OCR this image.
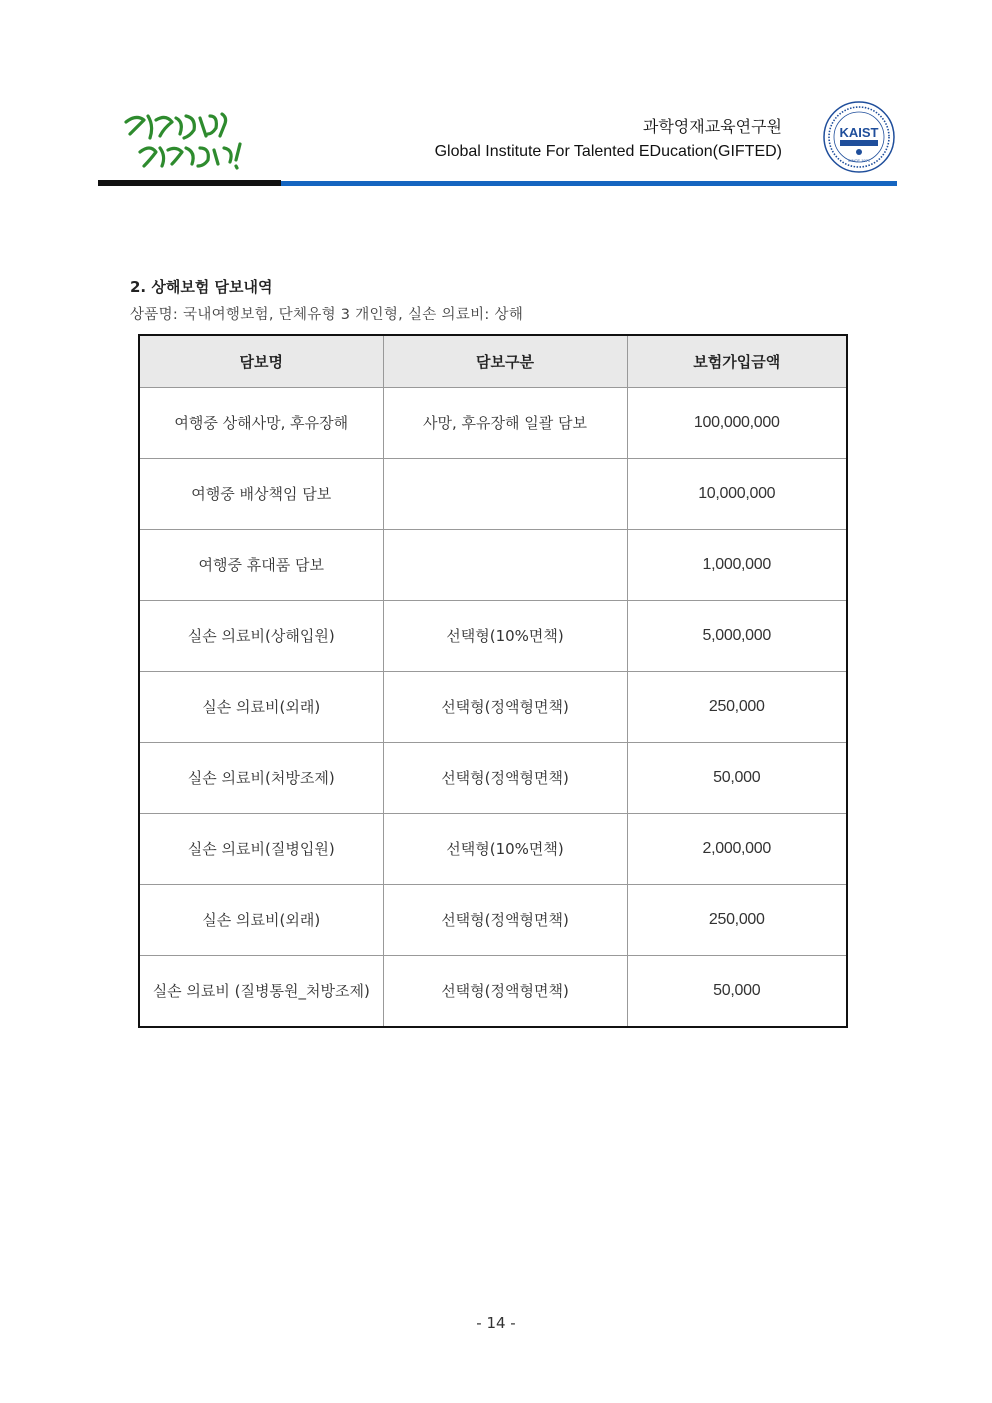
과학영재교육연구원
Global Institute For Talented EDucation(GIFTED)
KAIST
SINCE 1971
2. 상해보험 담보내역
상품명: 국내여행보험, 단체유형 3 개인형, 실손 의료비: 상해
담보명	담보구분	보험가입금액
여행중 상해사망, 후유장해	사망, 후유장해 일괄 담보	100,000,000
여행중 배상책임 담보		10,000,000
여행중 휴대품 담보		1,000,000
실손 의료비(상해입원)	선택형(10%면책)	5,000,000
실손 의료비(외래)	선택형(정액형면책)	250,000
실손 의료비(처방조제)	선택형(정액형면책)	50,000
실손 의료비(질병입원)	선택형(10%면책)	2,000,000
실손 의료비(외래)	선택형(정액형면책)	250,000
실손 의료비 (질병통원_처방조제)	선택형(정액형면책)	50,000
- 14 -
